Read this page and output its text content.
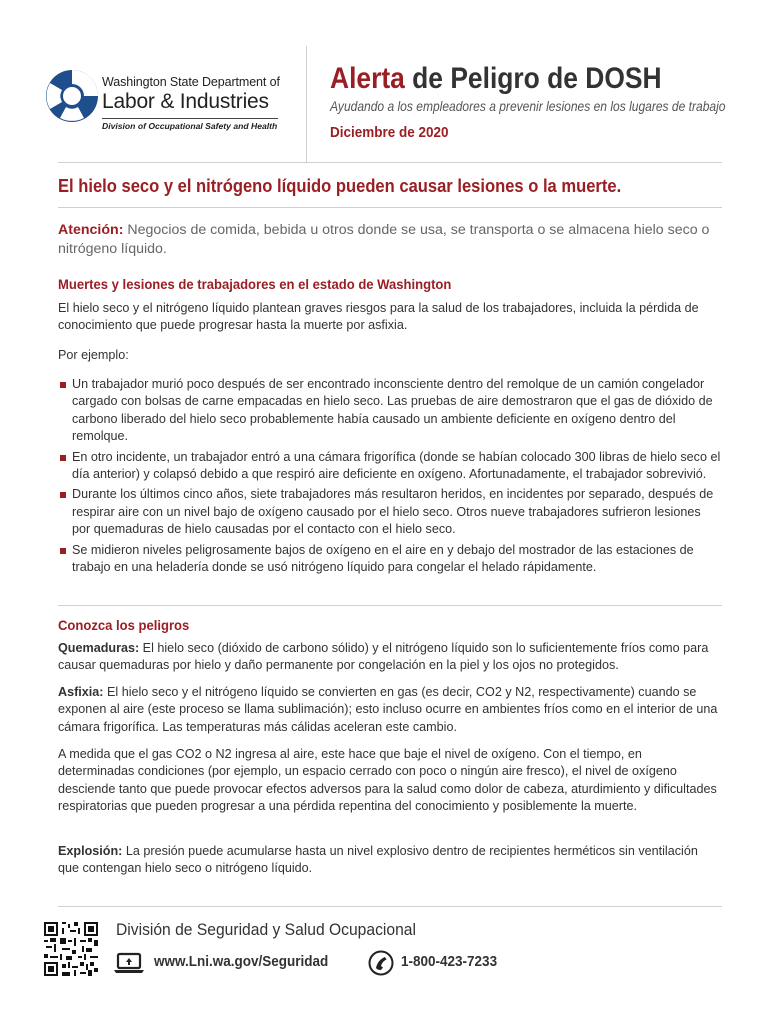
Washington State Department of
Labor & Industries
Division of Occupational Safety and Health
Alerta de Peligro de DOSH
Ayudando a los empleadores a prevenir lesiones en los lugares de trabajo
Diciembre de 2020
El hielo seco y el nitrógeno líquido pueden causar lesiones o la muerte.
Atención: Negocios de comida, bebida u otros donde se usa, se transporta o se almacena hielo seco o nitrógeno líquido.
Muertes y lesiones de trabajadores en el estado de Washington
El hielo seco y el nitrógeno líquido plantean graves riesgos para la salud de los trabajadores, incluida la pérdida de conocimiento que puede progresar hasta la muerte por asfixia.
Por ejemplo:
Un trabajador murió poco después de ser encontrado inconsciente dentro del remolque de un camión congelador cargado con bolsas de carne empacadas en hielo seco. Las pruebas de aire demostraron que el gas de dióxido de carbono liberado del hielo seco probablemente había causado un ambiente deficiente en oxígeno dentro del remolque.
En otro incidente, un trabajador entró a una cámara frigorífica (donde se habían colocado 300 libras de hielo seco el día anterior) y colapsó debido a que respiró aire deficiente en oxígeno. Afortunadamente, el trabajador sobrevivió.
Durante los últimos cinco años, siete trabajadores más resultaron heridos, en incidentes por separado, después de respirar aire con un nivel bajo de oxígeno causado por el hielo seco. Otros nueve trabajadores sufrieron lesiones por quemaduras de hielo causadas por el contacto con el hielo seco.
Se midieron niveles peligrosamente bajos de oxígeno en el aire en y debajo del mostrador de las estaciones de trabajo en una heladería donde se usó nitrógeno líquido para congelar el helado rápidamente.
Conozca los peligros
Quemaduras: El hielo seco (dióxido de carbono sólido) y el nitrógeno líquido son lo suficientemente fríos como para causar quemaduras por hielo y daño permanente por congelación en la piel y los ojos no protegidos.
Asfixia: El hielo seco y el nitrógeno líquido se convierten en gas (es decir, CO2 y N2, respectivamente) cuando se exponen al aire (este proceso se llama sublimación); esto incluso ocurre en ambientes fríos como en el interior de una cámara frigorífica. Las temperaturas más cálidas aceleran este cambio.
A medida que el gas CO2 o N2 ingresa al aire, este hace que baje el nivel de oxígeno. Con el tiempo, en determinadas condiciones (por ejemplo, un espacio cerrado con poco o ningún aire fresco), el nivel de oxígeno desciende tanto que puede provocar efectos adversos para la salud como dolor de cabeza, aturdimiento y dificultades respiratorias que pueden progresar a una pérdida repentina del conocimiento y posiblemente la muerte.
Explosión: La presión puede acumularse hasta un nivel explosivo dentro de recipientes herméticos sin ventilación que contengan hielo seco o nitrógeno líquido.
División de Seguridad y Salud Ocupacional
www.Lni.wa.gov/Seguridad	1-800-423-7233
